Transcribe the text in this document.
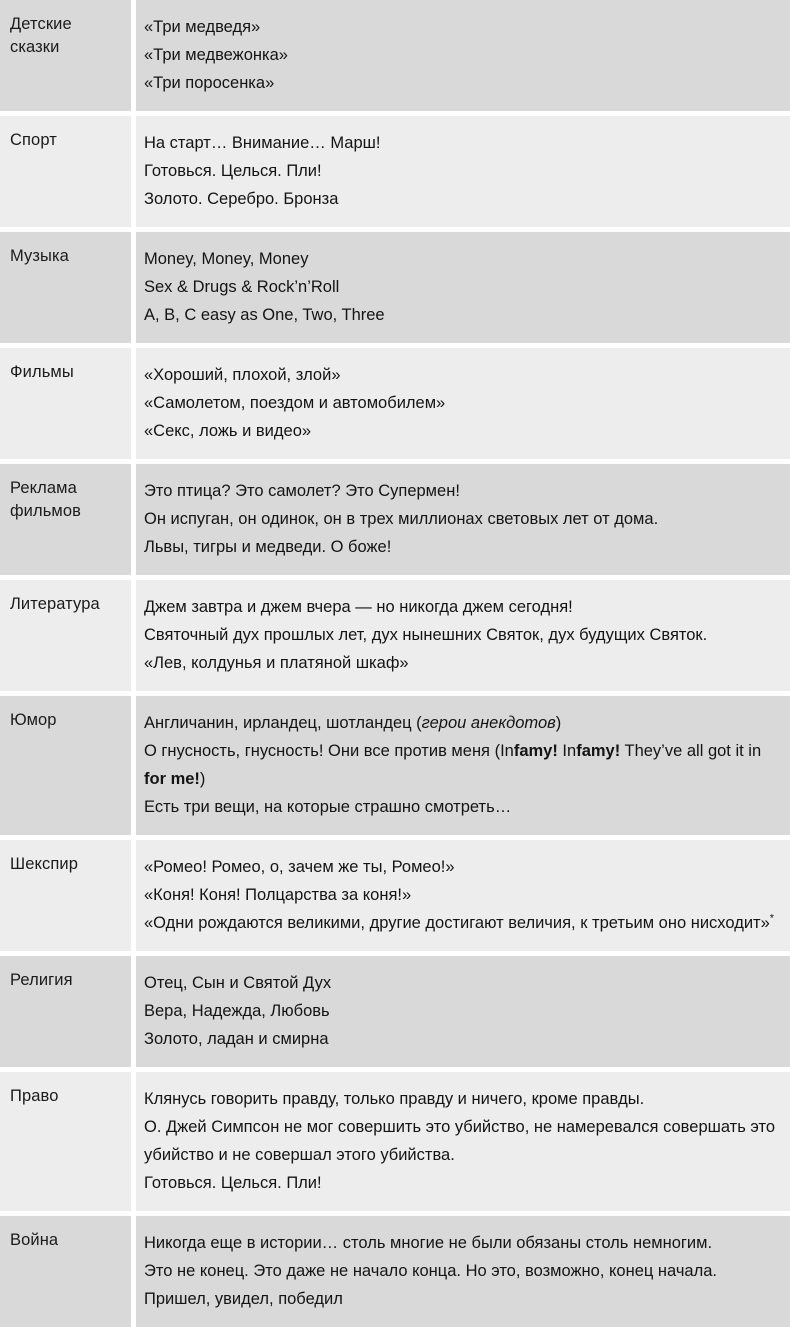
Детские сказки	«Три медведя»
«Три медвежонка»
«Три поросенка»

Спорт	На старт… Внимание… Марш!
Готовься. Целься. Пли!
Золото. Серебро. Бронза

Музыка	Money, Money, Money
Sex & Drugs & Rock’n’Roll
A, B, C easy as One, Two, Three

Фильмы	«Хороший, плохой, злой»
«Самолетом, поездом и автомобилем»
«Секс, ложь и видео»

Реклама фильмов	Это птица? Это самолет? Это Супермен!
Он испуган, он одинок, он в трех миллионах световых лет от дома.
Львы, тигры и медведи. О боже!

Литература	Джем завтра и джем вчера — но никогда джем сегодня!
Святочный дух прошлых лет, дух нынешних Святок, дух будущих Святок.
«Лев, колдунья и платяной шкаф»

Юмор	Англичанин, ирландец, шотландец (герои анекдотов)
О гнусность, гнусность! Они все против меня (Infamy! Infamy! They’ve all got it in for me!)
Есть три вещи, на которые страшно смотреть…

Шекспир	«Ромео! Ромео, о, зачем же ты, Ромео!»
«Коня! Коня! Полцарства за коня!»
«Одни рождаются великими, другие достигают величия, к третьим оно нисходит»*

Религия	Отец, Сын и Святой Дух
Вера, Надежда, Любовь
Золото, ладан и смирна

Право	Клянусь говорить правду, только правду и ничего, кроме правды.
О. Джей Симпсон не мог совершить это убийство, не намеревался совершать это убийство и не совершал этого убийства.
Готовься. Целься. Пли!

Война	Никогда еще в истории… столь многие не были обязаны столь немногим.
Это не конец. Это даже не начало конца. Но это, возможно, конец начала.
Пришел, увидел, победил
